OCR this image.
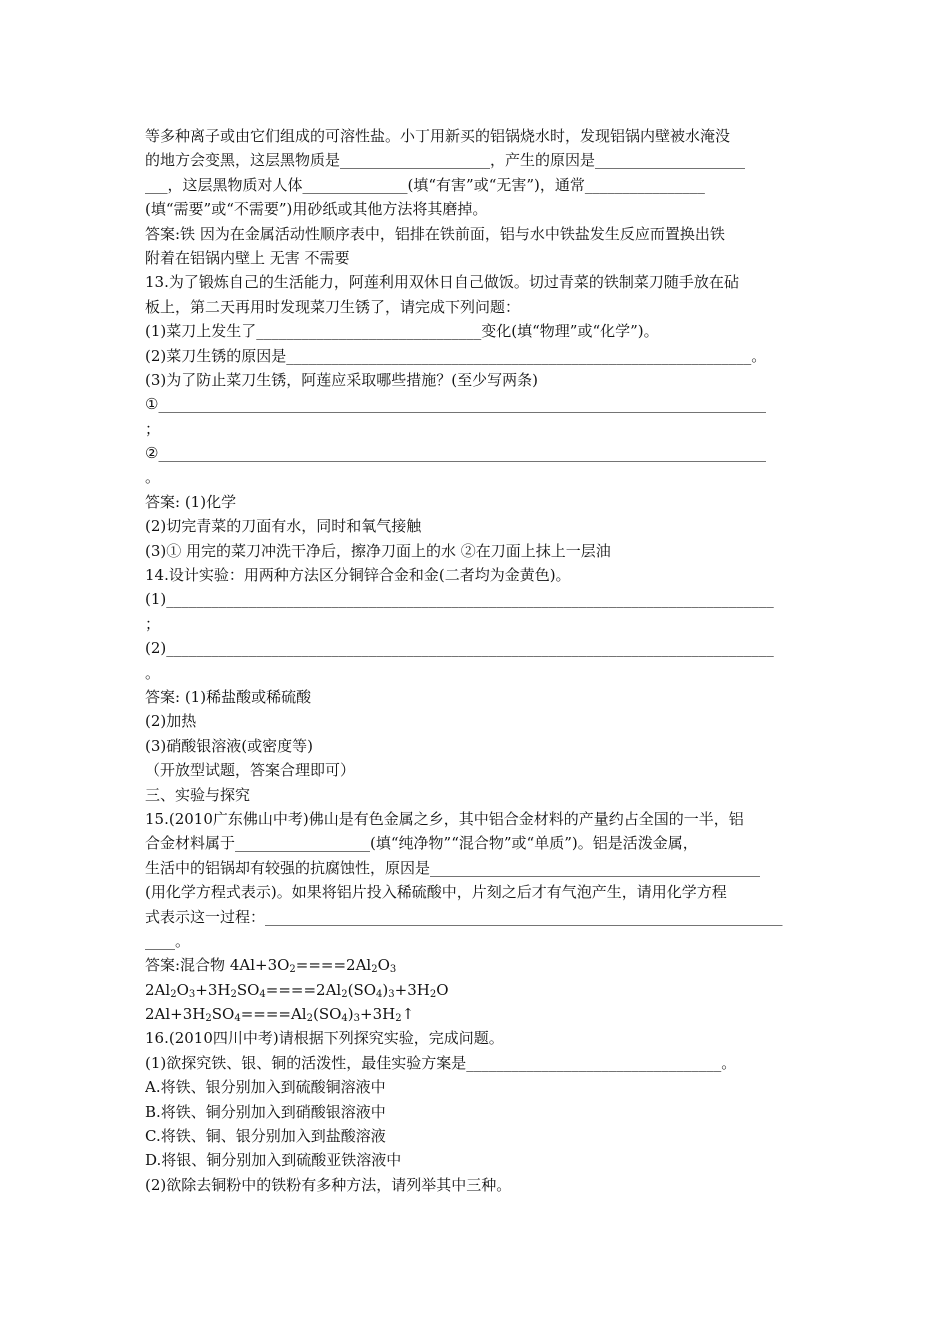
等多种离子或由它们组成的可溶性盐。小丁用新买的铝锅烧水时，发现铝锅内壁被水淹没
的地方会变黑，这层黑物质是____________________，产生的原因是____________________
___，这层黑物质对人体______________(填“有害”或“无害”)，通常________________
(填“需要”或“不需要”)用砂纸或其他方法将其磨掉。
答案:铁 因为在金属活动性顺序表中，铝排在铁前面，铝与水中铁盐发生反应而置换出铁
附着在铝锅内壁上 无害 不需要
13.为了锻炼自己的生活能力，阿莲利用双休日自己做饭。切过青菜的铁制菜刀随手放在砧
板上，第二天再用时发现菜刀生锈了，请完成下列问题：
(1)菜刀上发生了______________________________变化(填“物理”或“化学”)。
(2)菜刀生锈的原因是______________________________________________________________。
(3)为了防止菜刀生锈，阿莲应采取哪些措施？(至少写两条)
①_________________________________________________________________________________
；
②_________________________________________________________________________________
。
答案: (1)化学
(2)切完青菜的刀面有水，同时和氧气接触
(3)① 用完的菜刀冲洗干净后，擦净刀面上的水 ②在刀面上抹上一层油
14.设计实验：用两种方法区分铜锌合金和金(二者均为金黄色)。
(1)_________________________________________________________________________________
；
(2)_________________________________________________________________________________
。
答案: (1)稀盐酸或稀硫酸
(2)加热
(3)硝酸银溶液(或密度等)
（开放型试题，答案合理即可）
三、实验与探究
15.(2010广东佛山中考)佛山是有色金属之乡，其中铝合金材料的产量约占全国的一半，铝
合金材料属于__________________(填“纯净物”“混合物”或“单质”)。铝是活泼金属，
生活中的铝锅却有较强的抗腐蚀性，原因是____________________________________________
(用化学方程式表示)。如果将铝片投入稀硫酸中，片刻之后才有气泡产生，请用化学方程
式表示这一过程：_____________________________________________________________________
____。
答案:混合物 $4Al+3O_2====2Al_2O_3$
$2Al_2O_3+3H_2SO_4====2Al_2(SO_4)_3+3H_2O$
$2Al+3H_2SO_4====Al_2(SO_4)_3+3H_2↑$
16.(2010四川中考)请根据下列探究实验，完成问题。
(1)欲探究铁、银、铜的活泼性，最佳实验方案是__________________________________。
A.将铁、银分别加入到硫酸铜溶液中
B.将铁、铜分别加入到硝酸银溶液中
C.将铁、铜、银分别加入到盐酸溶液
D.将银、铜分别加入到硫酸亚铁溶液中
(2)欲除去铜粉中的铁粉有多种方法，请列举其中三种。
